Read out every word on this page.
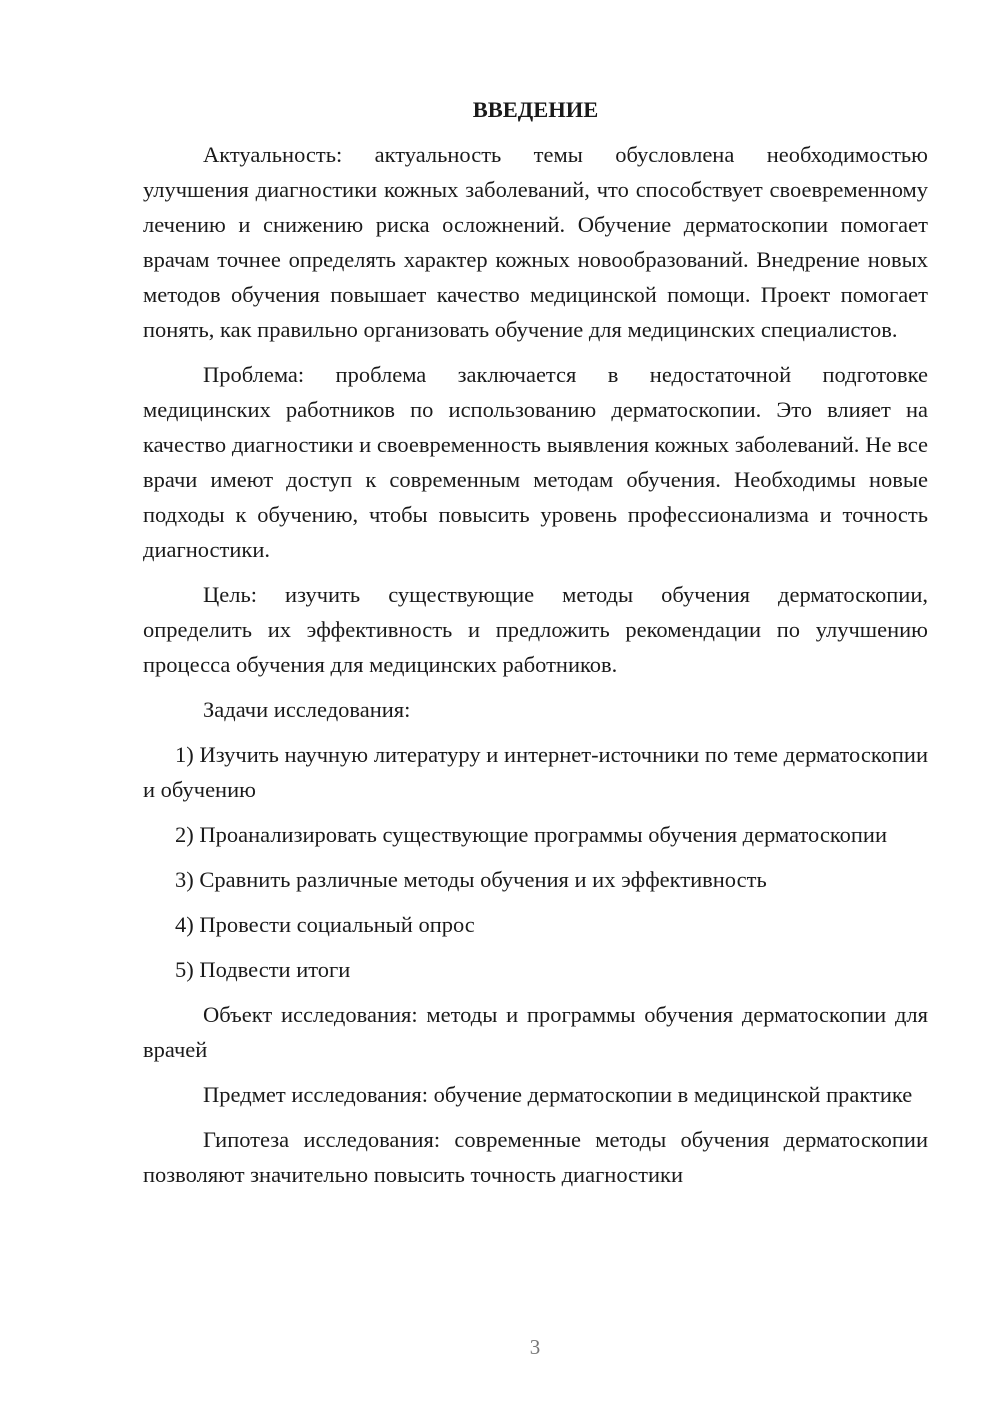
ВВЕДЕНИЕ

Актуальность: актуальность темы обусловлена необходимостью улучшения диагностики кожных заболеваний, что способствует своевременному лечению и снижению риска осложнений. Обучение дерматоскопии помогает врачам точнее определять характер кожных новообразований. Внедрение новых методов обучения повышает качество медицинской помощи. Проект помогает понять, как правильно организовать обучение для медицинских специалистов.

Проблема: проблема заключается в недостаточной подготовке медицинских работников по использованию дерматоскопии. Это влияет на качество диагностики и своевременность выявления кожных заболеваний. Не все врачи имеют доступ к современным методам обучения. Необходимы новые подходы к обучению, чтобы повысить уровень профессионализма и точность диагностики.

Цель: изучить существующие методы обучения дерматоскопии, определить их эффективность и предложить рекомендации по улучшению процесса обучения для медицинских работников.

Задачи исследования:

1) Изучить научную литературу и интернет-источники по теме дерматоскопии и обучению

2) Проанализировать существующие программы обучения дерматоскопии

3) Сравнить различные методы обучения и их эффективность

4) Провести социальный опрос

5) Подвести итоги

Объект исследования: методы и программы обучения дерматоскопии для врачей

Предмет исследования: обучение дерматоскопии в медицинской практике

Гипотеза исследования: современные методы обучения дерматоскопии позволяют значительно повысить точность диагностики

3
